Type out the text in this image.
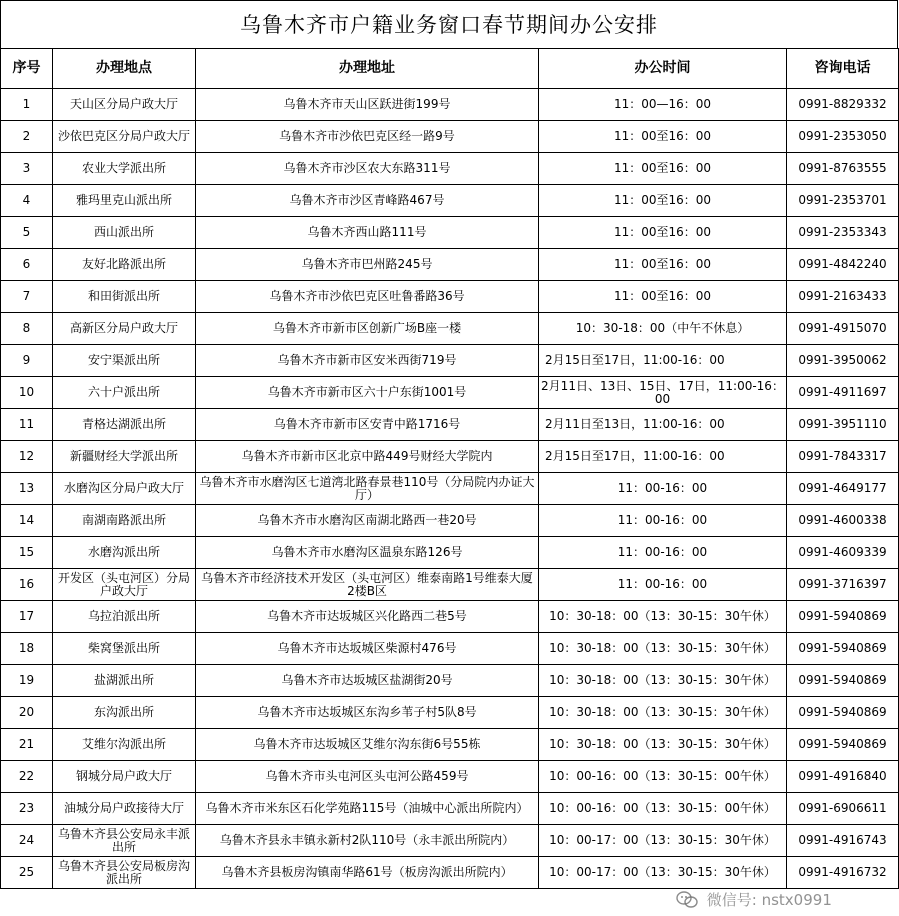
乌鲁木齐市户籍业务窗口春节期间办公安排
序号	办理地点	办理地址	办公时间	咨询电话
1	天山区分局户政大厅	乌鲁木齐市天山区跃进街199号	11：00—16：00	0991-8829332
2	沙依巴克区分局户政大厅	乌鲁木齐市沙依巴克区经一路9号	11：00至16：00	0991-2353050
3	农业大学派出所	乌鲁木齐市沙区农大东路311号	11：00至16：00	0991-8763555
4	雅玛里克山派出所	乌鲁木齐市沙区青峰路467号	11：00至16：00	0991-2353701
5	西山派出所	乌鲁木齐西山路111号	11：00至16：00	0991-2353343
6	友好北路派出所	乌鲁木齐市巴州路245号	11：00至16：00	0991-4842240
7	和田街派出所	乌鲁木齐市沙依巴克区吐鲁番路36号	11：00至16：00	0991-2163433
8	高新区分局户政大厅	乌鲁木齐市新市区创新广场B座一楼	10：30-18：00（中午不休息）	0991-4915070
9	安宁渠派出所	乌鲁木齐市新市区安米西街719号	2月15日至17日，11:00-16：00	0991-3950062
10	六十户派出所	乌鲁木齐市新市区六十户东街1001号	2月11日、13日、15日、17日，11:00-16：00	0991-4911697
11	青格达湖派出所	乌鲁木齐市新市区安青中路1716号	2月11日至13日，11:00-16：00	0991-3951110
12	新疆财经大学派出所	乌鲁木齐市新市区北京中路449号财经大学院内	2月15日至17日，11:00-16：00	0991-7843317
13	水磨沟区分局户政大厅	乌鲁木齐市水磨沟区七道湾北路春景巷110号（分局院内办证大厅）	11：00-16：00	0991-4649177
14	南湖南路派出所	乌鲁木齐市水磨沟区南湖北路西一巷20号	11：00-16：00	0991-4600338
15	水磨沟派出所	乌鲁木齐市水磨沟区温泉东路126号	11：00-16：00	0991-4609339
16	开发区（头屯河区）分局户政大厅	乌鲁木齐市经济技术开发区（头屯河区）维泰南路1号维泰大厦2楼B区	11：00-16：00	0991-3716397
17	乌拉泊派出所	乌鲁木齐市达坂城区兴化路西二巷5号	10：30-18：00（13：30-15：30午休）	0991-5940869
18	柴窝堡派出所	乌鲁木齐市达坂城区柴源村476号	10：30-18：00（13：30-15：30午休）	0991-5940869
19	盐湖派出所	乌鲁木齐市达坂城区盐湖街20号	10：30-18：00（13：30-15：30午休）	0991-5940869
20	东沟派出所	乌鲁木齐市达坂城区东沟乡苇子村5队8号	10：30-18：00（13：30-15：30午休）	0991-5940869
21	艾维尔沟派出所	乌鲁木齐市达坂城区艾维尔沟东街6号55栋	10：30-18：00（13：30-15：30午休）	0991-5940869
22	钢城分局户政大厅	乌鲁木齐市头屯河区头屯河公路459号	10：00-16：00（13：30-15：00午休）	0991-4916840
23	油城分局户政接待大厅	乌鲁木齐市米东区石化学苑路115号（油城中心派出所院内）	10：00-16：00（13：30-15：00午休）	0991-6906611
24	乌鲁木齐县公安局永丰派出所	乌鲁木齐县永丰镇永新村2队110号（永丰派出所院内）	10：00-17：00（13：30-15：30午休）	0991-4916743
25	乌鲁木齐县公安局板房沟派出所	乌鲁木齐县板房沟镇南华路61号（板房沟派出所院内）	10：00-17：00（13：30-15：30午休）	0991-4916732
微信号: nstx0991
